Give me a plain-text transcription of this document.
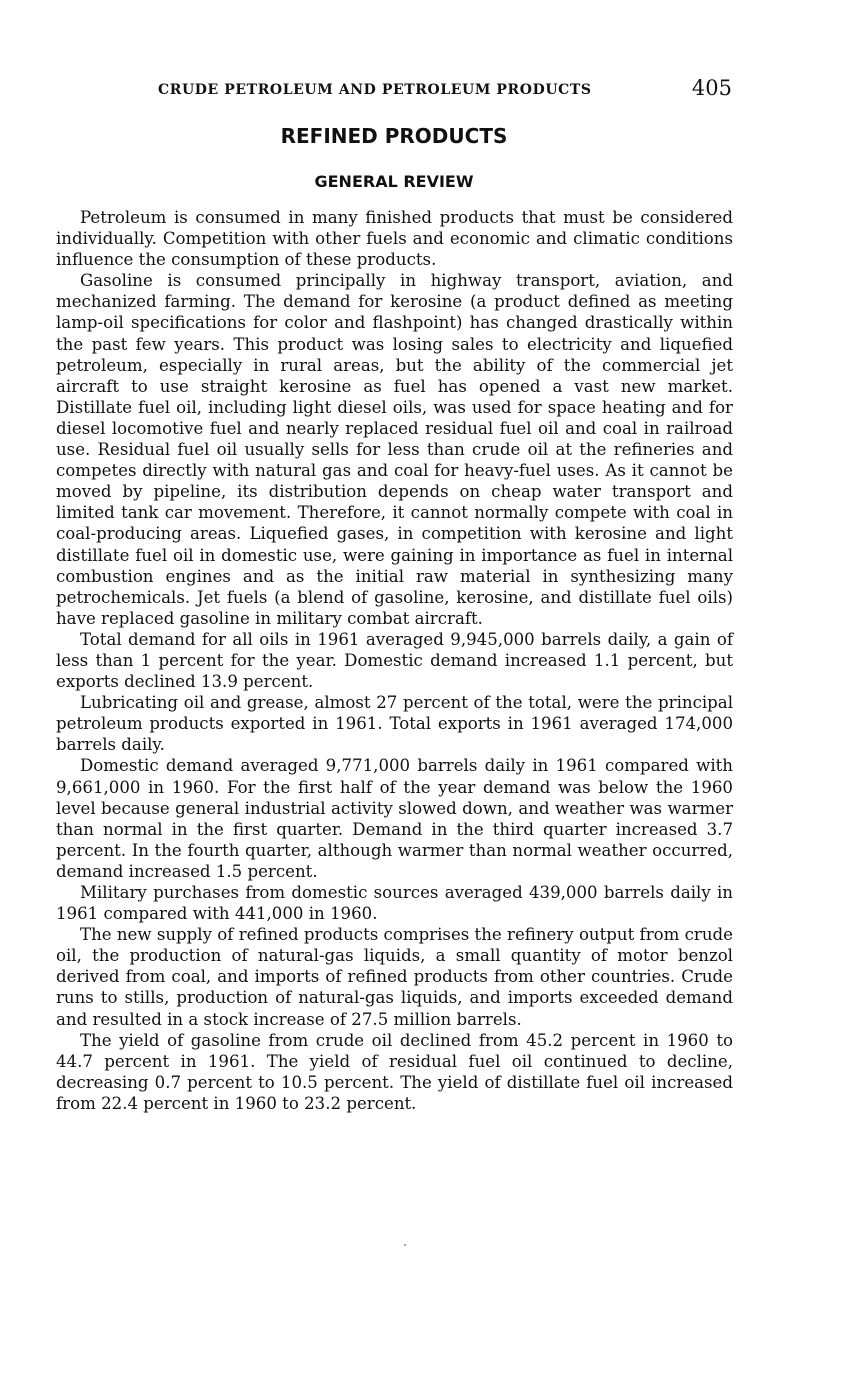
CRUDE PETROLEUM AND PETROLEUM PRODUCTS	405
REFINED PRODUCTS
GENERAL REVIEW

Petroleum is consumed in many finished products that must be considered individually. Competition with other fuels and economic and climatic conditions influence the consumption of these products.

Gasoline is consumed principally in highway transport, aviation, and mechanized farming. The demand for kerosine (a product defined as meeting lamp-oil specifications for color and flashpoint) has changed drastically within the past few years. This product was losing sales to electricity and liquefied petroleum, especially in rural areas, but the ability of the commercial jet aircraft to use straight kerosine as fuel has opened a vast new market. Distillate fuel oil, including light diesel oils, was used for space heating and for diesel locomotive fuel and nearly replaced residual fuel oil and coal in railroad use. Residual fuel oil usually sells for less than crude oil at the refineries and competes directly with natural gas and coal for heavy-fuel uses. As it cannot be moved by pipeline, its distribution depends on cheap water transport and limited tank car movement. Therefore, it cannot normally compete with coal in coal-producing areas. Liquefied gases, in competition with kerosine and light distillate fuel oil in domestic use, were gaining in importance as fuel in internal combustion engines and as the initial raw material in synthesizing many petrochemicals. Jet fuels (a blend of gasoline, kerosine, and distillate fuel oils) have replaced gasoline in military combat aircraft.

Total demand for all oils in 1961 averaged 9,945,000 barrels daily, a gain of less than 1 percent for the year. Domestic demand increased 1.1 percent, but exports declined 13.9 percent.

Lubricating oil and grease, almost 27 percent of the total, were the principal petroleum products exported in 1961. Total exports in 1961 averaged 174,000 barrels daily.

Domestic demand averaged 9,771,000 barrels daily in 1961 compared with 9,661,000 in 1960. For the first half of the year demand was below the 1960 level because general industrial activity slowed down, and weather was warmer than normal in the first quarter. Demand in the third quarter increased 3.7 percent. In the fourth quarter, although warmer than normal weather occurred, demand increased 1.5 percent.

Military purchases from domestic sources averaged 439,000 barrels daily in 1961 compared with 441,000 in 1960.

The new supply of refined products comprises the refinery output from crude oil, the production of natural-gas liquids, a small quantity of motor benzol derived from coal, and imports of refined products from other countries. Crude runs to stills, production of natural-gas liquids, and imports exceeded demand and resulted in a stock increase of 27.5 million barrels.

The yield of gasoline from crude oil declined from 45.2 percent in 1960 to 44.7 percent in 1961. The yield of residual fuel oil continued to decline, decreasing 0.7 percent to 10.5 percent. The yield of distillate fuel oil increased from 22.4 percent in 1960 to 23.2 percent.
